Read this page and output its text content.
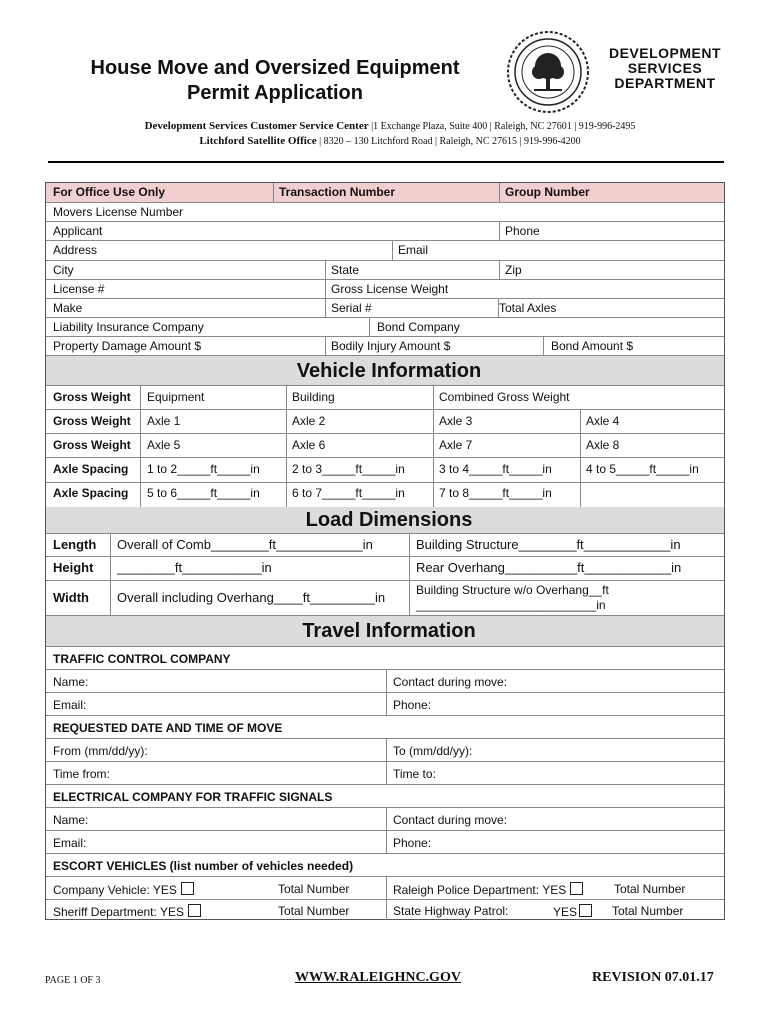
House Move and Oversized Equipment
Permit Application
DEVELOPMENT
SERVICES
DEPARTMENT
Development Services Customer Service Center |1 Exchange Plaza, Suite 400 | Raleigh, NC 27601 | 919-996-2495
Litchford Satellite Office | 8320 – 130 Litchford Road | Raleigh, NC 27615 | 919-996-4200
For Office Use Only	Transaction Number	Group Number
Movers License Number
Applicant	Phone
Address	Email
City	State	Zip
License #	Gross License Weight
Make	Serial #	Total Axles
Liability Insurance Company	Bond Company
Property Damage Amount $	Bodily Injury Amount $	Bond Amount $
Vehicle Information
Gross Weight Equipment	Building	Combined Gross Weight
Gross Weight Axle 1	Axle 2	Axle 3	Axle 4
Gross Weight Axle 5	Axle 6	Axle 7	Axle 8
Axle Spacing 1 to 2_____ft_____in	2 to 3_____ft_____in	3 to 4_____ft_____in	4 to 5_____ft_____in
Axle Spacing 5 to 6_____ft_____in	6 to 7_____ft_____in	7 to 8_____ft_____in
Load Dimensions
Length Overall of Comb________ft____________in	Building Structure________ft____________in
Height ________ft___________in	Rear Overhang__________ft____________in
Width Overall including Overhang____ft_________in	Building Structure w/o Overhang__ft
___________________________in
Travel Information
TRAFFIC CONTROL COMPANY
Name:	Contact during move:
Email:	Phone:
REQUESTED DATE AND TIME OF MOVE
From (mm/dd/yy):	To (mm/dd/yy):
Time from:	Time to:
ELECTRICAL COMPANY FOR TRAFFIC SIGNALS
Name:	Contact during move:
Email:	Phone:
ESCORT VEHICLES (list number of vehicles needed)
Company Vehicle: YES	Total Number	Raleigh Police Department: YES	Total Number
Sheriff Department: YES	Total Number	State Highway Patrol:	YES	Total Number
PAGE 1 OF 3	WWW.RALEIGHNC.GOV	REVISION 07.01.17
